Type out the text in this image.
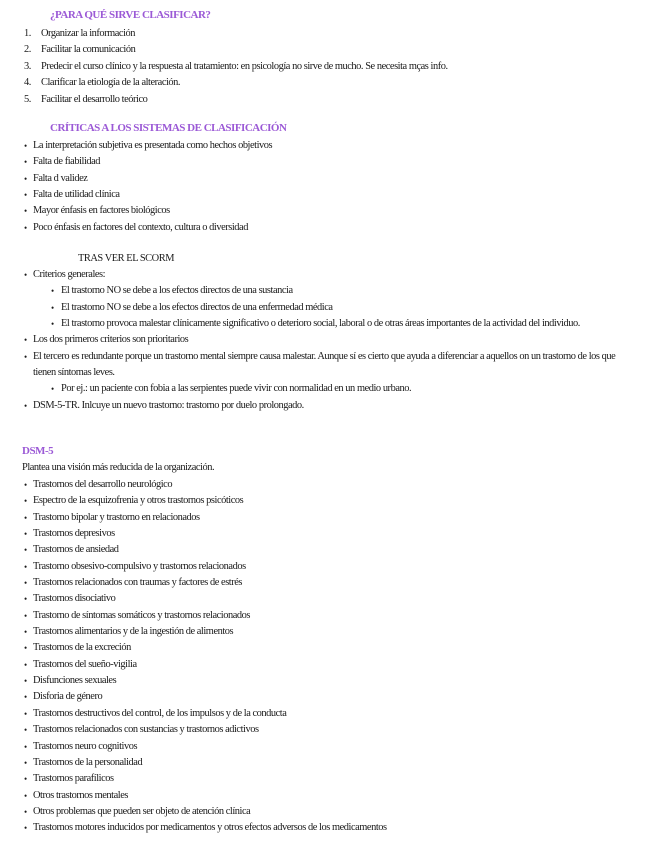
¿PARA QUÉ SIRVE CLASIFICAR?
1. Organizar la información
2. Facilitar la comunicación
3. Predecir el curso clínico y la respuesta al tratamiento: en psicología no sirve de mucho. Se necesita mças info.
4. Clarificar la etiología de la alteración.
5. Facilitar el desarrollo teórico
CRÍTICAS A LOS SISTEMAS DE CLASIFICACIÓN
• La interpretación subjetiva es presentada como hechos objetivos
• Falta de fiabilidad
• Falta d validez
• Falta de utilidad clínica
• Mayor énfasis en factores biológicos
• Poco énfasis en factores del contexto, cultura o diversidad
TRAS VER EL SCORM
• Criterios generales:
• El trastorno NO se debe a los efectos directos de una sustancia
• El trastorno NO se debe a los efectos directos de una enfermedad médica
• El trastorno provoca malestar clínicamente significativo o deterioro social, laboral o de otras áreas importantes de la actividad del individuo.
• Los dos primeros criterios son prioritarios
• El tercero es redundante porque un trastorno mental siempre causa malestar. Aunque sí es cierto que ayuda a diferenciar a aquellos on un trastorno de los que tienen síntomas leves.
• Por ej.: un paciente con fobia a las serpientes puede vivir con normalidad en un medio urbano.
• DSM-5-TR. Inlcuye un nuevo trastorno: trastorno por duelo prolongado.
DSM-5
Plantea una visión más reducida de la organización.
• Trastornos del desarrollo neurológico
• Espectro de la esquizofrenia y otros trastornos psicóticos
• Trastorno bipolar y trastorno en relacionados
• Trastornos depresivos
• Trastornos de ansiedad
• Trastorno obsesivo-compulsivo y trastornos relacionados
• Trastornos relacionados con traumas y factores de estrés
• Trastornos disociativo
• Trastorno de síntomas somáticos y trastornos relacionados
• Trastornos alimentarios y de la ingestión de alimentos
• Trastornos de la excreción
• Trastornos del sueño-vigilia
• Disfunciones sexuales
• Disforia de género
• Trastornos destructivos del control, de los impulsos y de la conducta
• Trastornos relacionados con sustancias y trastornos adictivos
• Trastornos neuro cognitivos
• Trastornos de la personalidad
• Trastornos parafílicos
• Otros trastornos mentales
• Otros problemas que pueden ser objeto de atención clínica
• Trastornos motores inducidos por medicamentos y otros efectos adversos de los medicamentos
